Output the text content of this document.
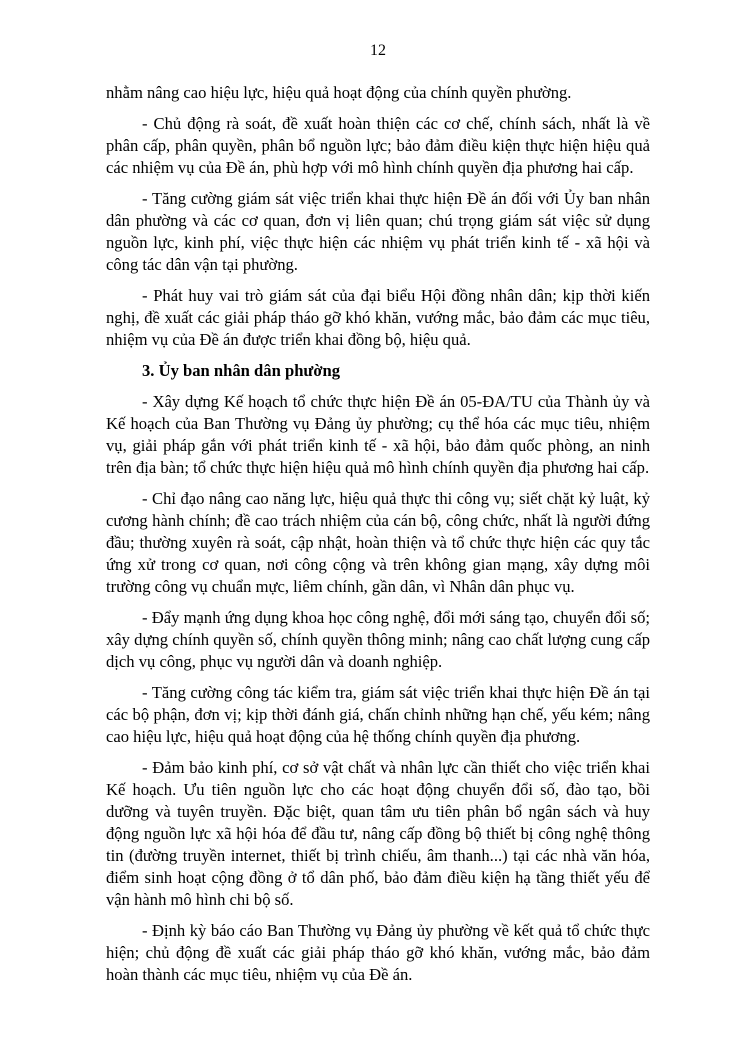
12

nhằm nâng cao hiệu lực, hiệu quả hoạt động của chính quyền phường.

- Chủ động rà soát, đề xuất hoàn thiện các cơ chế, chính sách, nhất là về phân cấp, phân quyền, phân bổ nguồn lực; bảo đảm điều kiện thực hiện hiệu quả các nhiệm vụ của Đề án, phù hợp với mô hình chính quyền địa phương hai cấp.

- Tăng cường giám sát việc triển khai thực hiện Đề án đối với Ủy ban nhân dân phường và các cơ quan, đơn vị liên quan; chú trọng giám sát việc sử dụng nguồn lực, kinh phí, việc thực hiện các nhiệm vụ phát triển kinh tế - xã hội và công tác dân vận tại phường.

- Phát huy vai trò giám sát của đại biểu Hội đồng nhân dân; kịp thời kiến nghị, đề xuất các giải pháp tháo gỡ khó khăn, vướng mắc, bảo đảm các mục tiêu, nhiệm vụ của Đề án được triển khai đồng bộ, hiệu quả.

3. Ủy ban nhân dân phường

- Xây dựng Kế hoạch tổ chức thực hiện Đề án 05-ĐA/TU của Thành ủy và Kế hoạch của Ban Thường vụ Đảng ủy phường; cụ thể hóa các mục tiêu, nhiệm vụ, giải pháp gắn với phát triển kinh tế - xã hội, bảo đảm quốc phòng, an ninh trên địa bàn; tổ chức thực hiện hiệu quả mô hình chính quyền địa phương hai cấp.

- Chỉ đạo nâng cao năng lực, hiệu quả thực thi công vụ; siết chặt kỷ luật, kỷ cương hành chính; đề cao trách nhiệm của cán bộ, công chức, nhất là người đứng đầu; thường xuyên rà soát, cập nhật, hoàn thiện và tổ chức thực hiện các quy tắc ứng xử trong cơ quan, nơi công cộng và trên không gian mạng, xây dựng môi trường công vụ chuẩn mực, liêm chính, gần dân, vì Nhân dân phục vụ.

- Đẩy mạnh ứng dụng khoa học công nghệ, đổi mới sáng tạo, chuyển đổi số; xây dựng chính quyền số, chính quyền thông minh; nâng cao chất lượng cung cấp dịch vụ công, phục vụ người dân và doanh nghiệp.

- Tăng cường công tác kiểm tra, giám sát việc triển khai thực hiện Đề án tại các bộ phận, đơn vị; kịp thời đánh giá, chấn chỉnh những hạn chế, yếu kém; nâng cao hiệu lực, hiệu quả hoạt động của hệ thống chính quyền địa phương.

- Đảm bảo kinh phí, cơ sở vật chất và nhân lực cần thiết cho việc triển khai Kế hoạch. Ưu tiên nguồn lực cho các hoạt động chuyển đổi số, đào tạo, bồi dưỡng và tuyên truyền. Đặc biệt, quan tâm ưu tiên phân bổ ngân sách và huy động nguồn lực xã hội hóa để đầu tư, nâng cấp đồng bộ thiết bị công nghệ thông tin (đường truyền internet, thiết bị trình chiếu, âm thanh...) tại các nhà văn hóa, điểm sinh hoạt cộng đồng ở tổ dân phố, bảo đảm điều kiện hạ tầng thiết yếu để vận hành mô hình chi bộ số.

- Định kỳ báo cáo Ban Thường vụ Đảng ủy phường về kết quả tổ chức thực hiện; chủ động đề xuất các giải pháp tháo gỡ khó khăn, vướng mắc, bảo đảm hoàn thành các mục tiêu, nhiệm vụ của Đề án.
